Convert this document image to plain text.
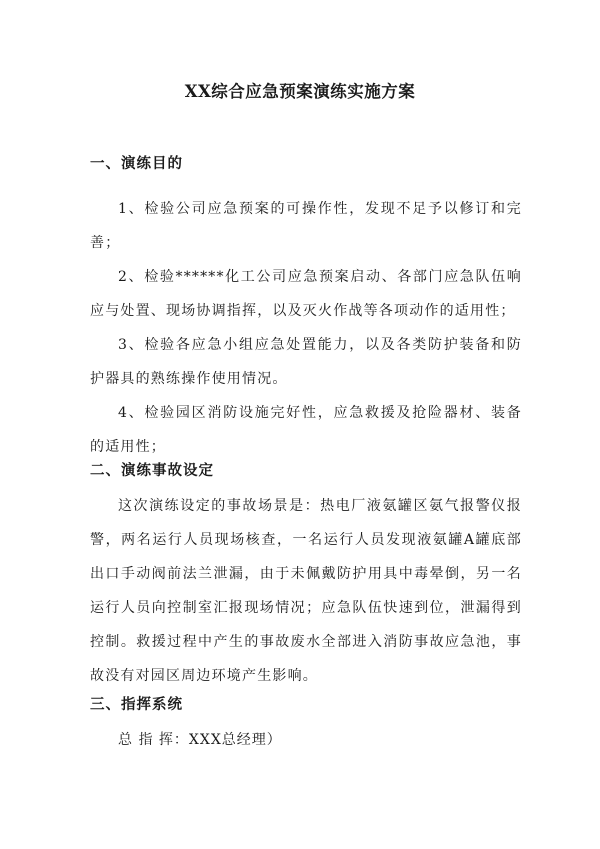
XX综合应急预案演练实施方案
一、演练目的

1、检验公司应急预案的可操作性，发现不足予以修订和完善；

2、检验******化工公司应急预案启动、各部门应急队伍响应与处置、现场协调指挥，以及灭火作战等各项动作的适用性；

3、检验各应急小组应急处置能力，以及各类防护装备和防护器具的熟练操作使用情况。

4、检验园区消防设施完好性，应急救援及抢险器材、装备的适用性；

二、演练事故设定

这次演练设定的事故场景是：热电厂液氨罐区氨气报警仪报警，两名运行人员现场核查，一名运行人员发现液氨罐A罐底部出口手动阀前法兰泄漏，由于未佩戴防护用具中毒晕倒，另一名运行人员向控制室汇报现场情况；应急队伍快速到位，泄漏得到控制。救援过程中产生的事故废水全部进入消防事故应急池，事故没有对园区周边环境产生影响。

三、指挥系统

总 指 挥：XXX总经理）
